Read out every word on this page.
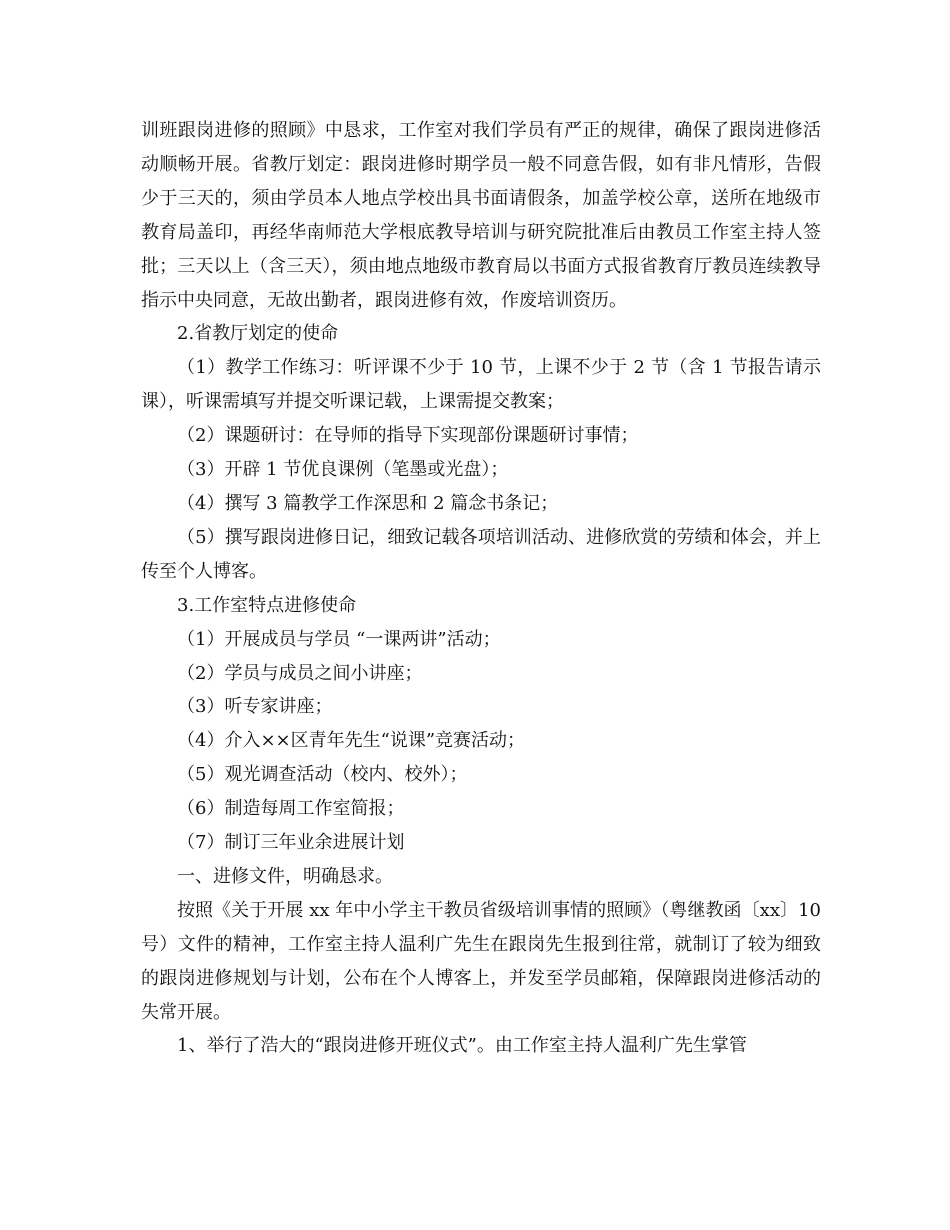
训班跟岗进修的照顾》中恳求，工作室对我们学员有严正的规律，确保了跟岗进修活动顺畅开展。省教厅划定：跟岗进修时期学员一般不同意告假，如有非凡情形，告假少于三天的，须由学员本人地点学校出具书面请假条，加盖学校公章，送所在地级市教育局盖印，再经华南师范大学根底教导培训与研究院批准后由教员工作室主持人签批；三天以上（含三天），须由地点地级市教育局以书面方式报省教育厅教员连续教导指示中央同意，无故出勤者，跟岗进修有效，作废培训资历。

2.省教厅划定的使命

（1）教学工作练习：听评课不少于 10 节，上课不少于 2 节（含 1 节报告请示课），听课需填写并提交听课记载，上课需提交教案；

（2）课题研讨：在导师的指导下实现部份课题研讨事情；

（3）开辟 1 节优良课例（笔墨或光盘）；

（4）撰写 3 篇教学工作深思和 2 篇念书条记；

（5）撰写跟岗进修日记，细致记载各项培训活动、进修欣赏的劳绩和体会，并上传至个人博客。

3.工作室特点进修使命

（1）开展成员与学员 “一课两讲”活动；

（2）学员与成员之间小讲座；

（3）听专家讲座；

（4）介入××区青年先生“说课”竞赛活动；

（5）观光调查活动（校内、校外）；

（6）制造每周工作室简报；

（7）制订三年业余进展计划

一、进修文件，明确恳求。

按照《关于开展 xx 年中小学主干教员省级培训事情的照顾》（粤继教函〔xx〕10 号）文件的精神，工作室主持人温利广先生在跟岗先生报到往常，就制订了较为细致的跟岗进修规划与计划，公布在个人博客上，并发至学员邮箱，保障跟岗进修活动的失常开展。

1、举行了浩大的“跟岗进修开班仪式”。由工作室主持人温利广先生掌管
